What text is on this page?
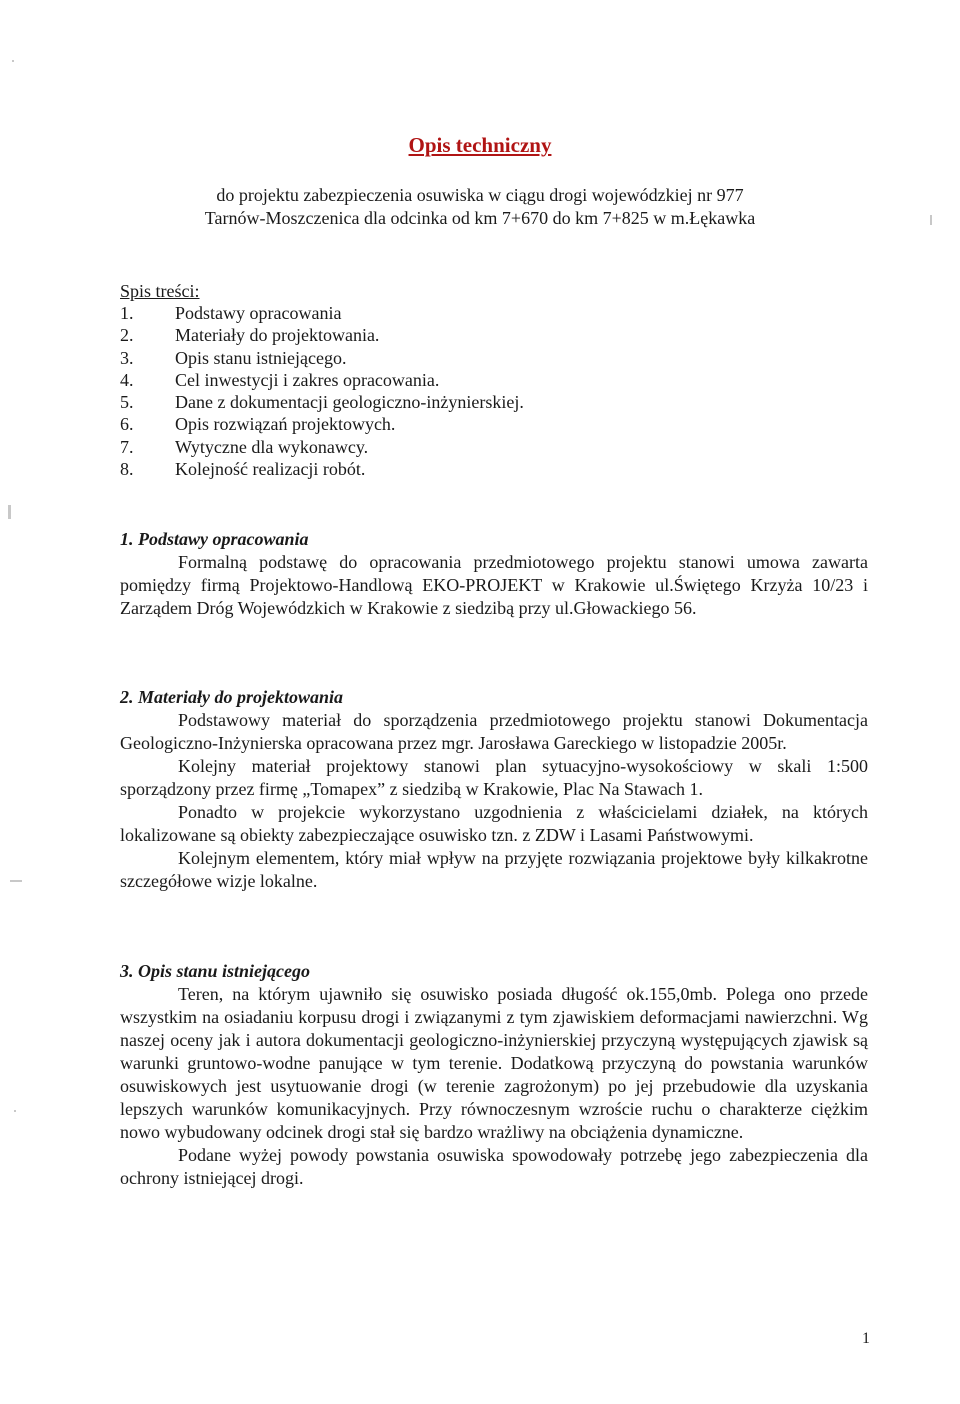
Opis techniczny
do projektu zabezpieczenia osuwiska w ciągu drogi wojewódzkiej nr 977
Tarnów-Moszczenica dla odcinka od km 7+670 do km 7+825 w m.Łękawka
Spis treści:
1. Podstawy opracowania
2. Materiały do projektowania.
3. Opis stanu istniejącego.
4. Cel inwestycji i zakres opracowania.
5. Dane z dokumentacji geologiczno-inżynierskiej.
6. Opis rozwiązań projektowych.
7. Wytyczne dla wykonawcy.
8. Kolejność realizacji robót.
1. Podstawy opracowania

Formalną podstawę do opracowania przedmiotowego projektu stanowi umowa zawarta pomiędzy firmą Projektowo-Handlową EKO-PROJEKT w Krakowie ul.Świętego Krzyża 10/23 i Zarządem Dróg Wojewódzkich w Krakowie z siedzibą przy ul.Głowackiego 56.

2. Materiały do projektowania

Podstawowy materiał do sporządzenia przedmiotowego projektu stanowi Dokumentacja Geologiczno-Inżynierska opracowana przez mgr. Jarosława Gareckiego w listopadzie 2005r.

Kolejny materiał projektowy stanowi plan sytuacyjno-wysokościowy w skali 1:500 sporządzony przez firmę „Tomapex” z siedzibą w Krakowie, Plac Na Stawach 1.

Ponadto w projekcie wykorzystano uzgodnienia z właścicielami działek, na których lokalizowane są obiekty zabezpieczające osuwisko tzn. z ZDW i Lasami Państwowymi.

Kolejnym elementem, który miał wpływ na przyjęte rozwiązania projektowe były kilkakrotne szczegółowe wizje lokalne.

3. Opis stanu istniejącego

Teren, na którym ujawniło się osuwisko posiada długość ok.155,0mb. Polega ono przede wszystkim na osiadaniu korpusu drogi i związanymi z tym zjawiskiem deformacjami nawierzchni. Wg naszej oceny jak i autora dokumentacji geologiczno-inżynierskiej przyczyną występujących zjawisk są warunki gruntowo-wodne panujące w tym terenie. Dodatkową przyczyną do powstania warunków osuwiskowych jest usytuowanie drogi (w terenie zagrożonym) po jej przebudowie dla uzyskania lepszych warunków komunikacyjnych. Przy równoczesnym wzroście ruchu o charakterze ciężkim nowo wybudowany odcinek drogi stał się bardzo wrażliwy na obciążenia dynamiczne.

Podane wyżej powody powstania osuwiska spowodowały potrzebę jego zabezpieczenia dla ochrony istniejącej drogi.

1
